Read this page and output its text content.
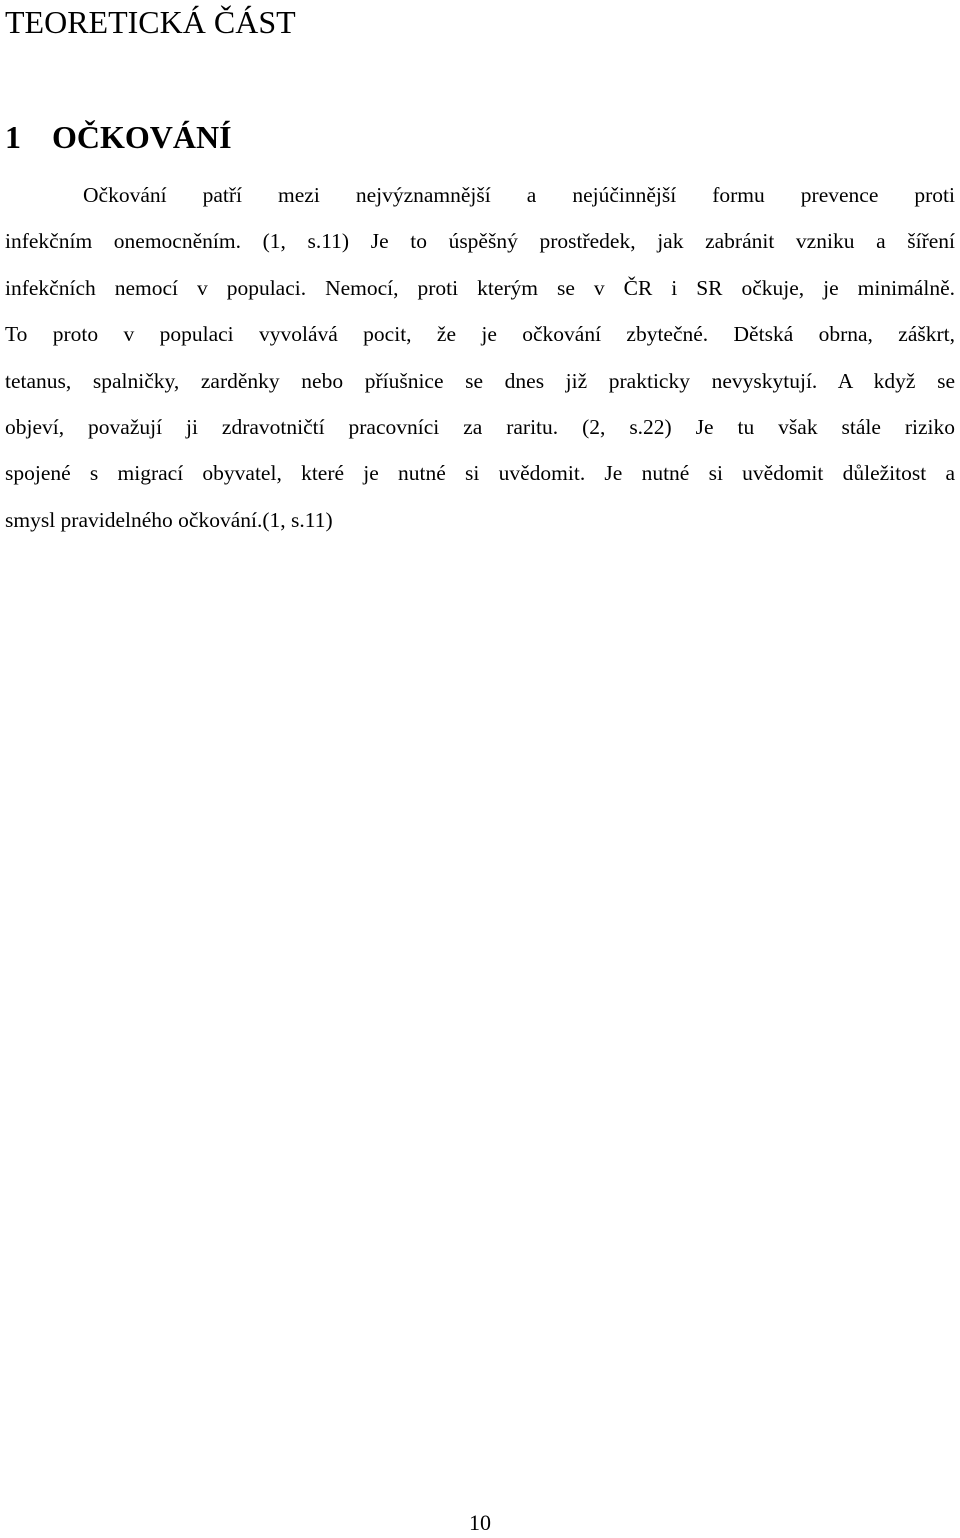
TEORETICKÁ ČÁST
1 OČKOVÁNÍ
Očkování patří mezi nejvýznamnější a nejúčinnější formu prevence proti
infekčním onemocněním. (1, s.11) Je to úspěšný prostředek, jak zabránit vzniku a šíření
infekčních nemocí v populaci. Nemocí, proti kterým se v ČR i SR očkuje, je minimálně.
To proto v populaci vyvolává pocit, že je očkování zbytečné. Dětská obrna, záškrt,
tetanus, spalničky, zarděnky nebo příušnice se dnes již prakticky nevyskytují. A když se
objeví, považují ji zdravotničtí pracovníci za raritu. (2, s.22) Je tu však stále riziko
spojené s migrací obyvatel, které je nutné si uvědomit. Je nutné si uvědomit důležitost a
smysl pravidelného očkování.(1, s.11)
10
